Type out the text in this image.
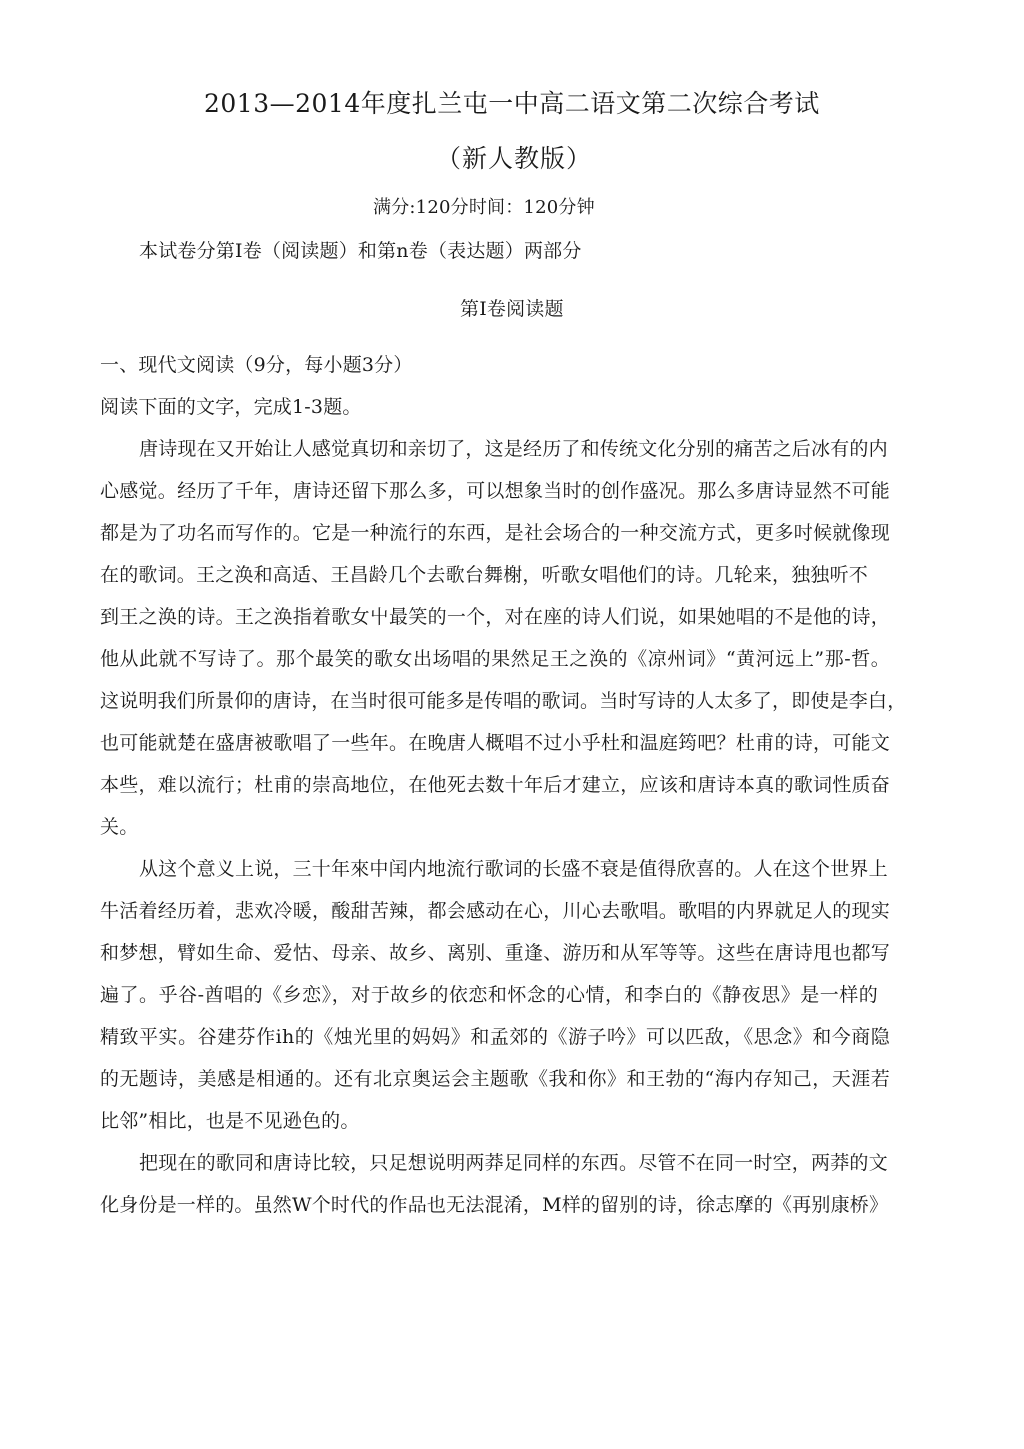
2013—2014年度扎兰屯一中高二语文第二次综合考试
（新人教版）
满分:120分时间：120分钟
本试卷分第I卷（阅读题）和第n卷（表达题）两部分
第I卷阅读题
一、现代文阅读（9分，每小题3分）
阅读下面的文字，完成1-3题。
唐诗现在又开始让人感觉真切和亲切了，这是经历了和传统文化分别的痛苦之后冰有的内
心感觉。经历了千年，唐诗还留下那么多，可以想象当时的创作盛况。那么多唐诗显然不可能
都是为了功名而写作的。它是一种流行的东西，是社会场合的一种交流方式，更多吋候就像现
在的歌词。王之涣和高适、王昌龄几个去歌台舞榭，听歌女唱他们的诗。几轮来，独独听不
到王之涣的诗。王之涣指着歌女屮最笑的一个，对在座的诗人们说，如果她唱的不是他的诗，
他从此就不写诗了。那个最笑的歌女出场唱的果然足王之涣的《凉州词》“黄河远上”那-哲。
这说明我们所景仰的唐诗，在当时很可能多是传唱的歌词。当时写诗的人太多了，即使是李白，
也可能就楚在盛唐被歌唱了一些年。在晚唐人概唱不过小乎杜和温庭筠吧？杜甫的诗，可能文
本些，难以流行；杜甫的崇高地位，在他死去数十年后才建立，应该和唐诗本真的歌词性质奋
关。
从这个意义上说，三十年來中闰内地流行歌词的长盛不衰是值得欣喜的。人在这个世界上
牛活着经历着，悲欢冷暖，酸甜苦辣，都会感动在心，川心去歌唱。歌唱的内界就足人的现实
和梦想，臂如生命、爱怙、母亲、故乡、离别、重逢、游历和从军等等。这些在唐诗甩也都写
遍了。乎谷-酋唱的《乡恋》，对于故乡的依恋和怀念的心情，和李白的《静夜思》是一样的
精致平实。谷建芬作ih的《烛光里的妈妈》和孟郊的《游子吟》可以匹敌，《思念》和今商隐
的无题诗，美感是相通的。还有北京奥运会主题歌《我和你》和王勃的“海内存知己，天涯若
比邻”相比，也是不见逊色的。
把现在的歌同和唐诗比较，只足想说明两莽足同样的东西。尽管不在同一时空，两莽的文
化身份是一样的。虽然W个时代的作品也无法混淆，M样的留别的诗，徐志摩的《再别康桥》
